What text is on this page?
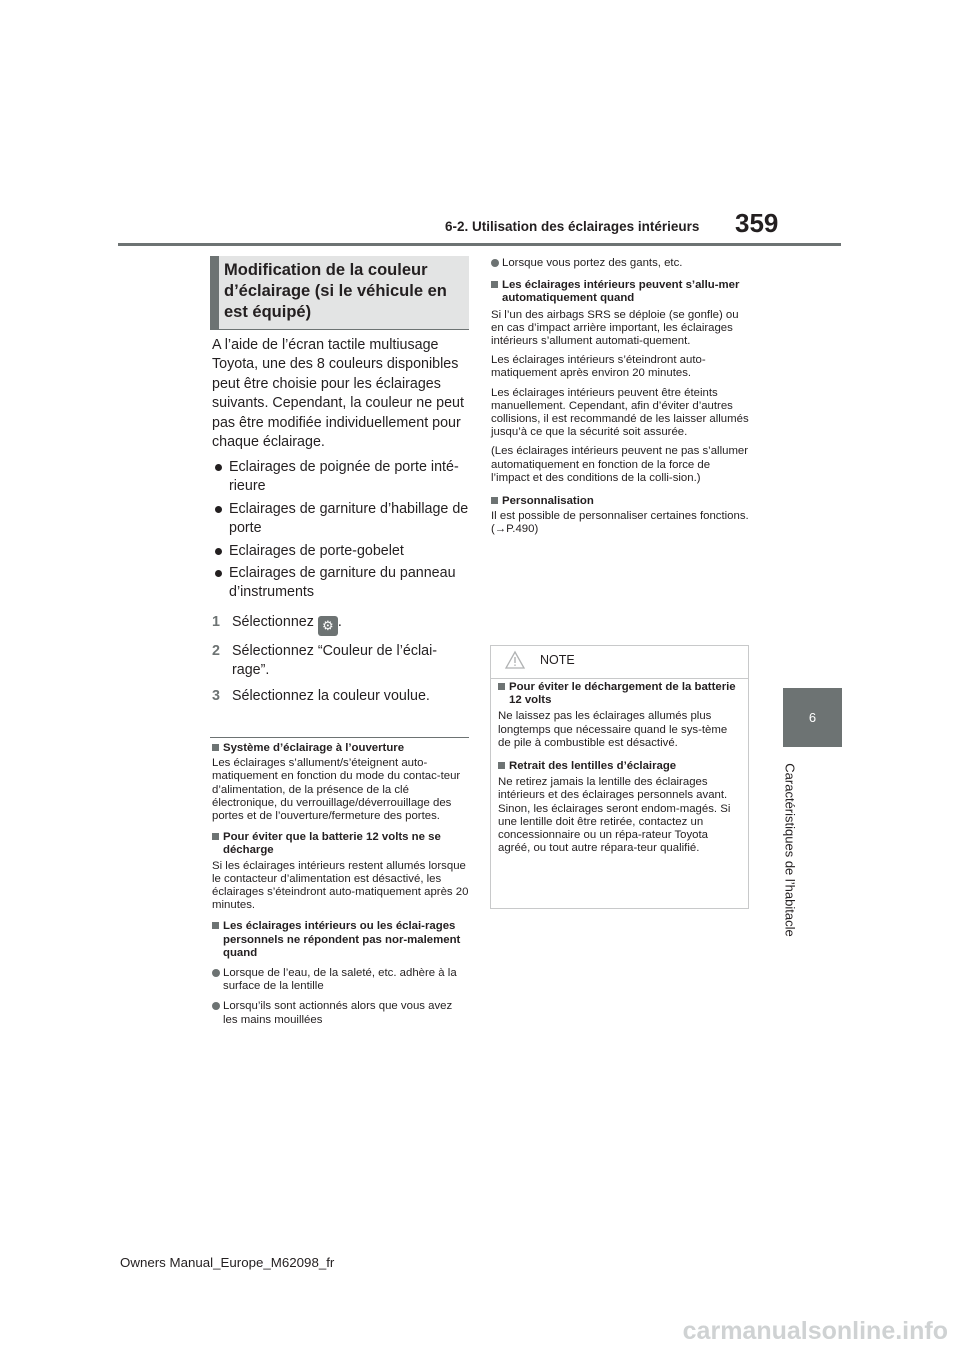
6-2. Utilisation des éclairages intérieurs 359
6
Caractéristiques de l’habitacle
Modification de la couleur d’éclairage (si le véhicule en est équipé)

A l’aide de l’écran tactile multiusage Toyota, une des 8 couleurs disponibles peut être choisie pour les éclairages suivants. Cependant, la couleur ne peut pas être modifiée individuellement pour chaque éclairage.

Eclairages de poignée de porte inté-rieure

Eclairages de garniture d’habillage de porte

Eclairages de porte-gobelet

Eclairages de garniture du panneau d’instruments

1 Sélectionnez ⚙ .

2 Sélectionnez “Couleur de l’éclai-rage”.

3 Sélectionnez la couleur voulue.

Système d’éclairage à l’ouverture

Les éclairages s’allument/s’éteignent auto-matiquement en fonction du mode du contac-teur d’alimentation, de la présence de la clé électronique, du verrouillage/déverrouillage des portes et de l’ouverture/fermeture des portes.

Pour éviter que la batterie 12 volts ne se décharge

Si les éclairages intérieurs restent allumés lorsque le contacteur d’alimentation est désactivé, les éclairages s’éteindront auto-matiquement après 20 minutes.

Les éclairages intérieurs ou les éclai-rages personnels ne répondent pas nor-malement quand

Lorsque de l’eau, de la saleté, etc. adhère à la surface de la lentille

Lorsqu’ils sont actionnés alors que vous avez les mains mouillées

Lorsque vous portez des gants, etc.

Les éclairages intérieurs peuvent s’allu-mer automatiquement quand

Si l’un des airbags SRS se déploie (se gonfle) ou en cas d’impact arrière important, les éclairages intérieurs s’allument automati-quement.

Les éclairages intérieurs s’éteindront auto-matiquement après environ 20 minutes.

Les éclairages intérieurs peuvent être éteints manuellement. Cependant, afin d’éviter d’autres collisions, il est recommandé de les laisser allumés jusqu’à ce que la sécurité soit assurée.

(Les éclairages intérieurs peuvent ne pas s’allumer automatiquement en fonction de la force de l’impact et des conditions de la colli-sion.)

Personnalisation

Il est possible de personnaliser certaines fonctions. (→P.490)

NOTE

Pour éviter le déchargement de la batterie 12 volts

Ne laissez pas les éclairages allumés plus longtemps que nécessaire quand le sys-tème de pile à combustible est désactivé.

Retrait des lentilles d’éclairage

Ne retirez jamais la lentille des éclairages intérieurs et des éclairages personnels avant. Sinon, les éclairages seront endom-magés. Si une lentille doit être retirée, contactez un concessionnaire ou un répa-rateur Toyota agréé, ou tout autre répara-teur qualifié.

Owners Manual_Europe_M62098_fr
carmanualsonline.info
